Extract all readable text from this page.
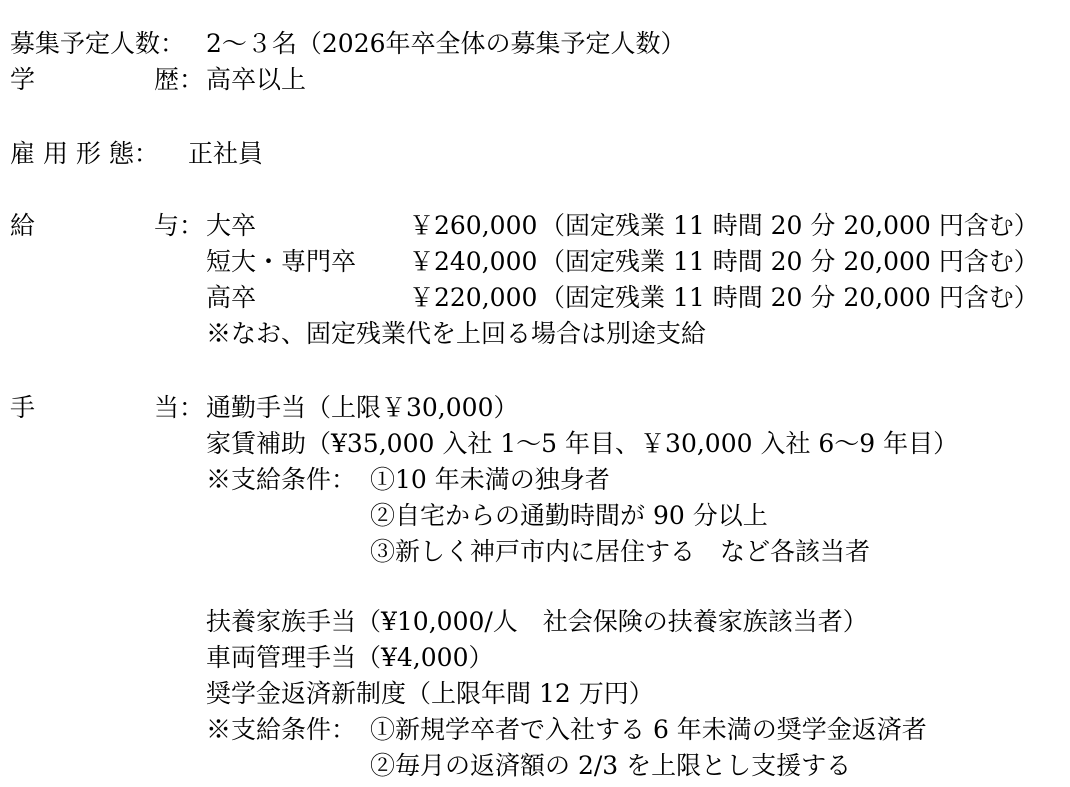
募集予定人数： 2～３名（2026年卒全体の募集予定人数）
学	歴： 高卒以上
雇 用 形 態： 正社員
給	与： 大卒	￥260,000 （固定残業 11 時間 20 分 20,000 円含む）
短大・専門卒 ￥240,000 （固定残業 11 時間 20 分 20,000 円含む）
高卒	￥220,000 （固定残業 11 時間 20 分 20,000 円含む）
※なお、固定残業代を上回る場合は別途支給
手	当： 通勤手当（上限￥30,000）
家賃補助（¥35,000 入社 1～5 年目、￥30,000 入社 6～9 年目）
※支給条件： ①10 年未満の独身者
②自宅からの通勤時間が 90 分以上
③新しく神戸市内に居住する　など各該当者
扶養家族手当（¥10,000/人　社会保険の扶養家族該当者）
車両管理手当（¥4,000）
奨学金返済新制度（上限年間 12 万円）
※支給条件： ①新規学卒者で入社する 6 年未満の奨学金返済者
②毎月の返済額の 2/3 を上限とし支援する
